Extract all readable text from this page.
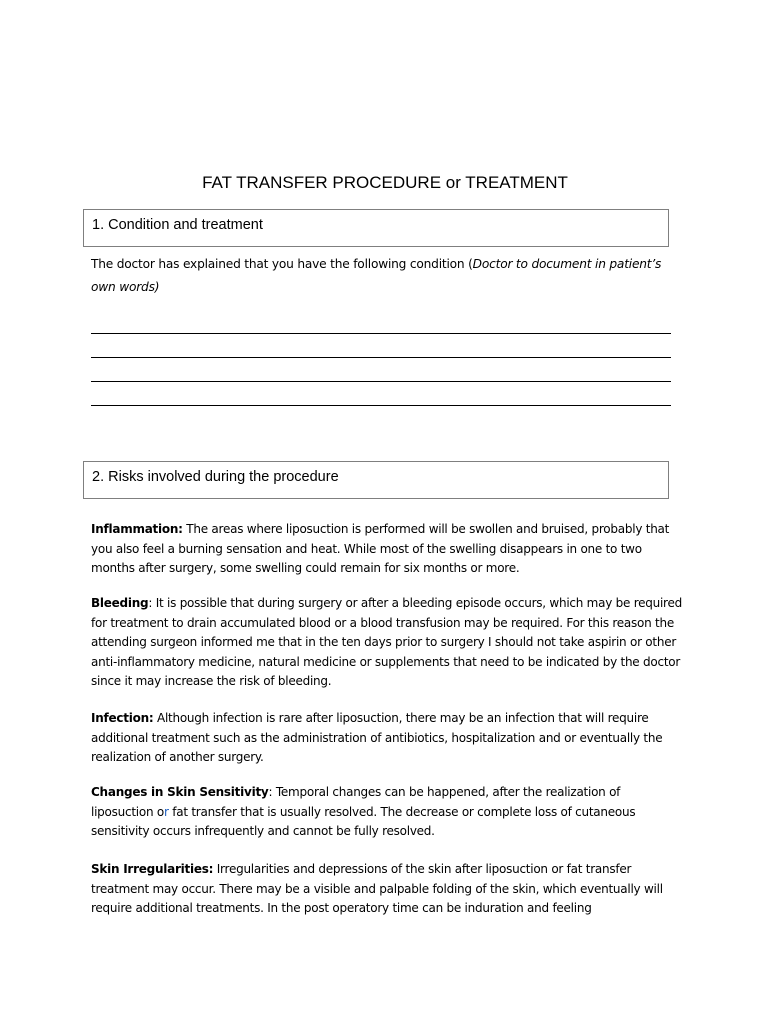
FAT TRANSFER PROCEDURE or TREATMENT
1. Condition and treatment
The doctor has explained that you have the following condition (Doctor to document in patient’s own words)
2. Risks involved during the procedure
Inflammation: The areas where liposuction is performed will be swollen and bruised, probably that you also feel a burning sensation and heat. While most of the swelling disappears in one to two months after surgery, some swelling could remain for six months or more.
Bleeding: It is possible that during surgery or after a bleeding episode occurs, which may be required for treatment to drain accumulated blood or a blood transfusion may be required. For this reason the attending surgeon informed me that in the ten days prior to surgery I should not take aspirin or other anti-inflammatory medicine, natural medicine or supplements that need to be indicated by the doctor since it may increase the risk of bleeding.
Infection: Although infection is rare after liposuction, there may be an infection that will require additional treatment such as the administration of antibiotics, hospitalization and or eventually the realization of another surgery.
Changes in Skin Sensitivity: Temporal changes can be happened, after the realization of liposuction or fat transfer that is usually resolved. The decrease or complete loss of cutaneous sensitivity occurs infrequently and cannot be fully resolved.
Skin Irregularities: Irregularities and depressions of the skin after liposuction or fat transfer treatment may occur. There may be a visible and palpable folding of the skin, which eventually will require additional treatments. In the post operatory time can be induration and feeling
